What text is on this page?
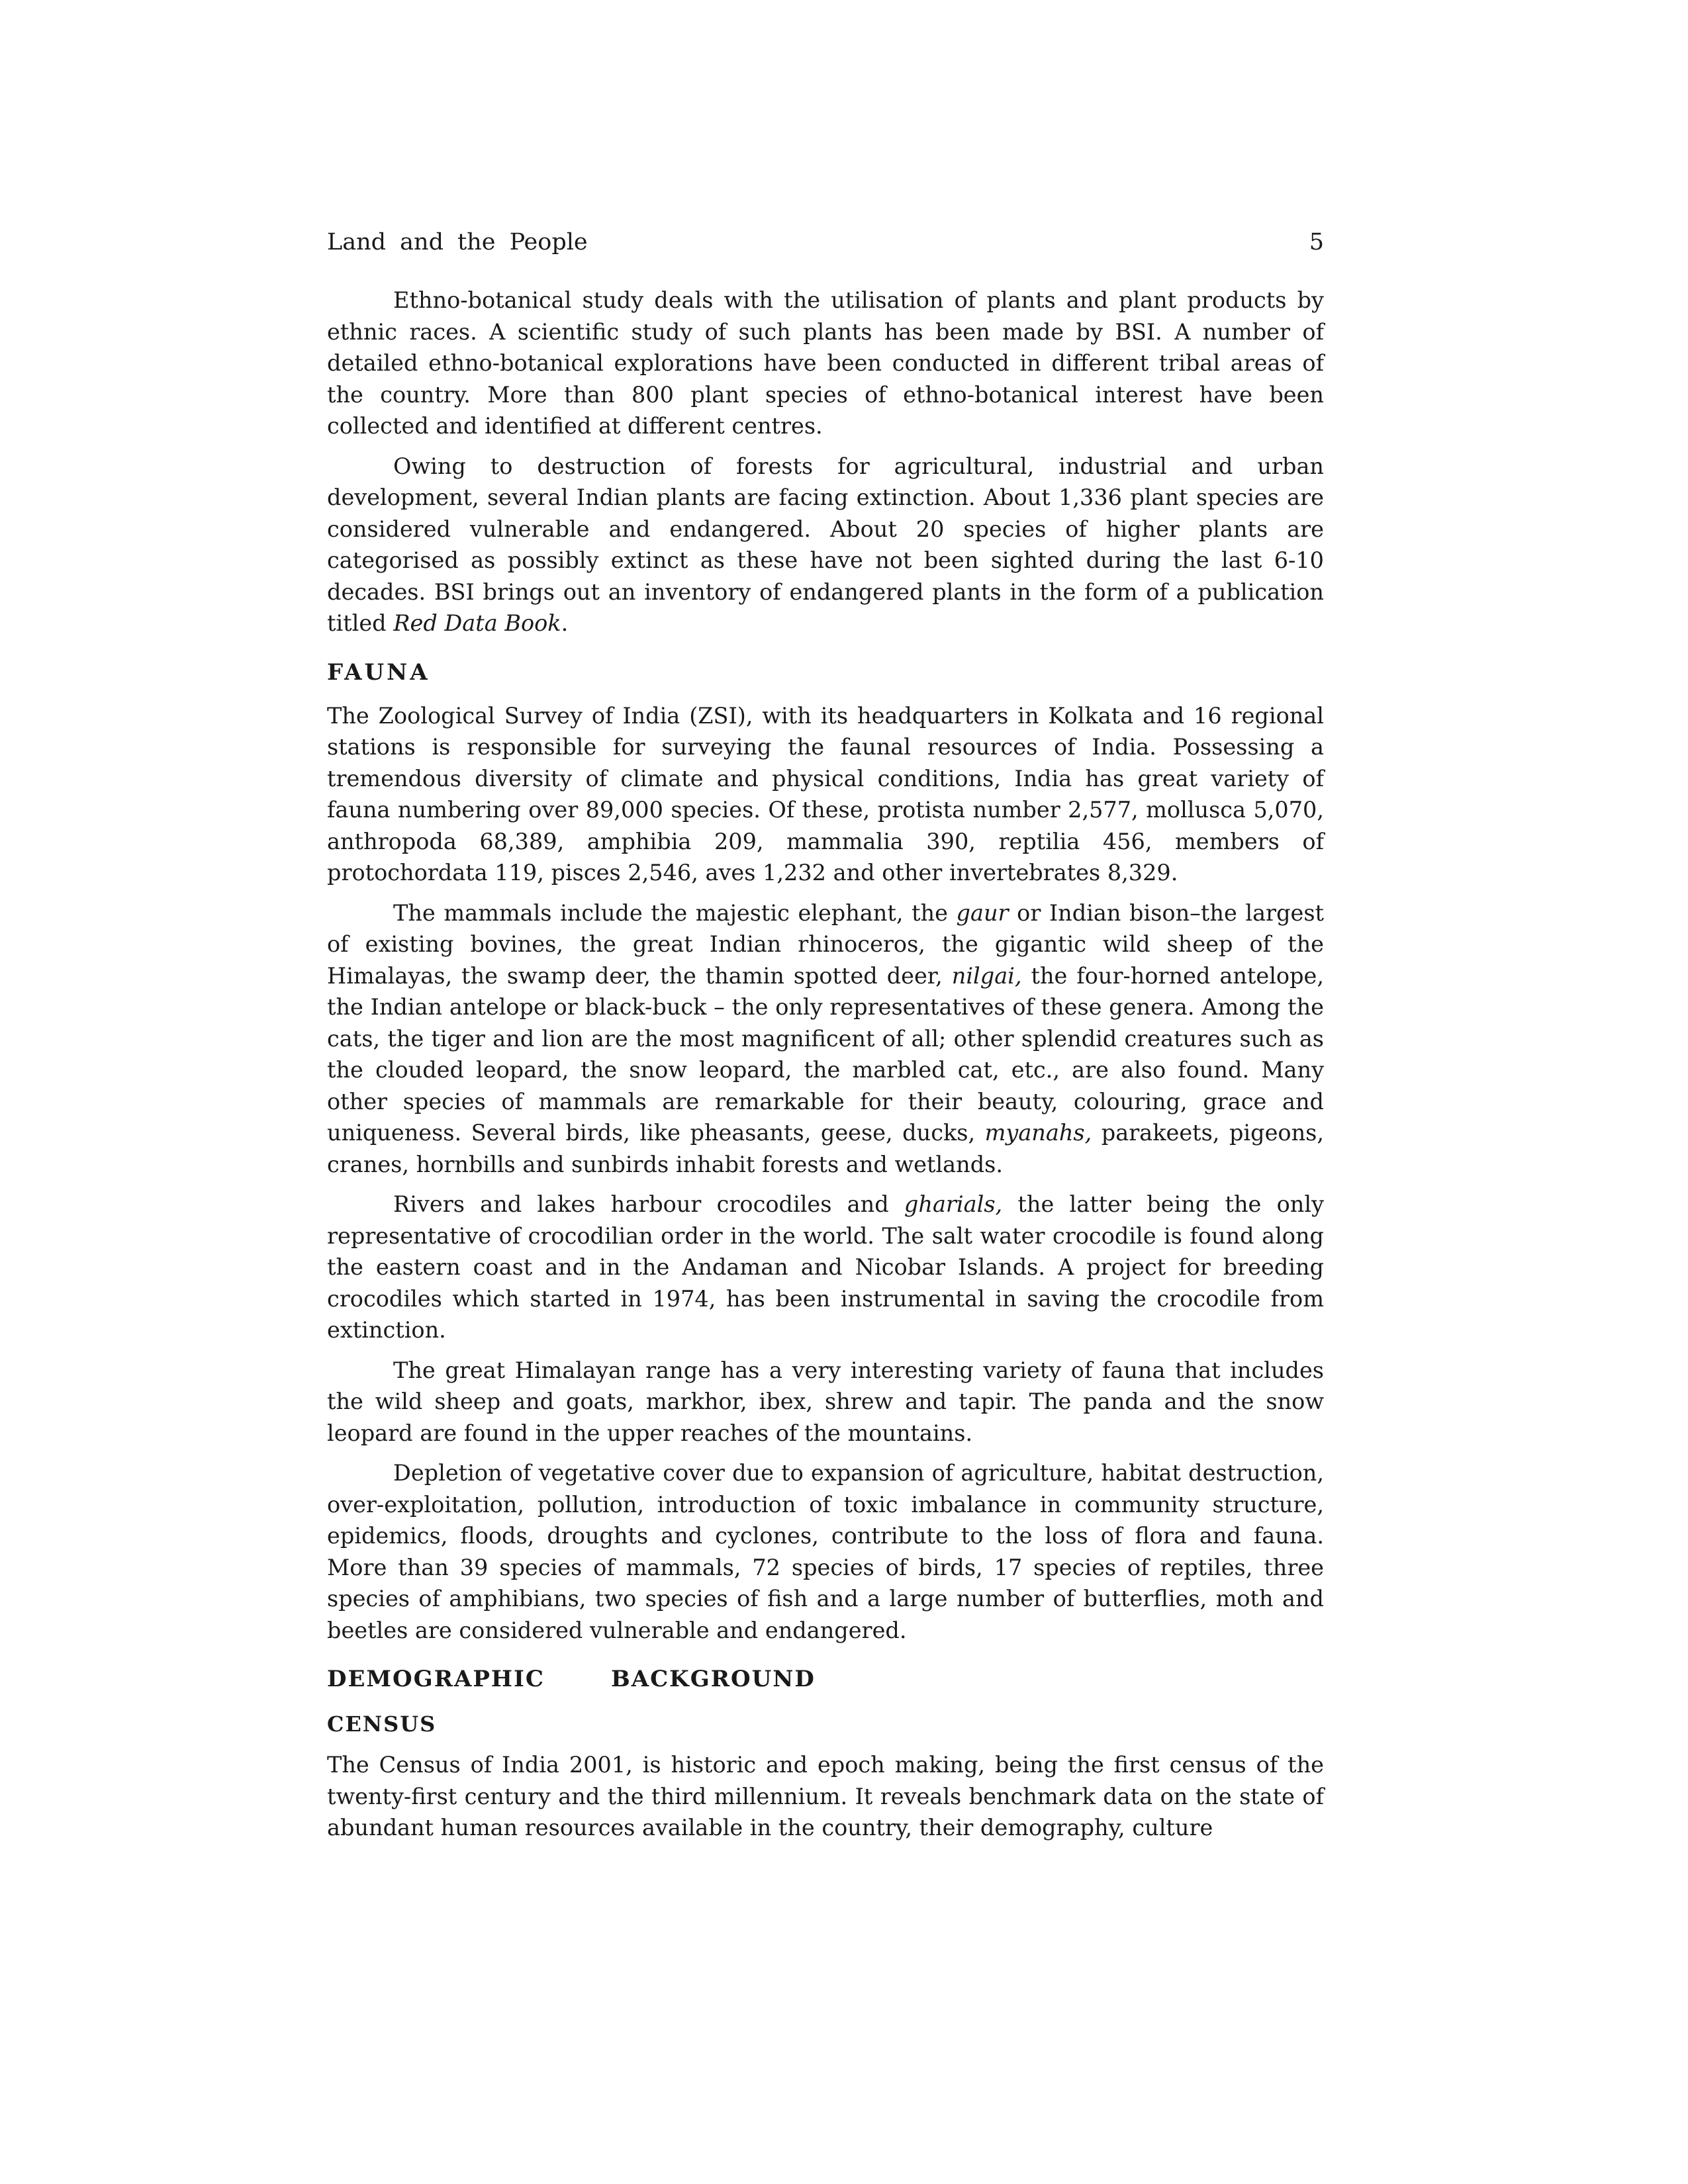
Land and the People	5

Ethno-botanical study deals with the utilisation of plants and plant products by ethnic races. A scientific study of such plants has been made by BSI. A number of detailed ethno-botanical explorations have been conducted in different tribal areas of the country. More than 800 plant species of ethno-botanical interest have been collected and identified at different centres.

Owing to destruction of forests for agricultural, industrial and urban development, several Indian plants are facing extinction. About 1,336 plant species are considered vulnerable and endangered. About 20 species of higher plants are categorised as possibly extinct as these have not been sighted during the last 6-10 decades. BSI brings out an inventory of endangered plants in the form of a publication titled Red Data Book.

FAUNA

The Zoological Survey of India (ZSI), with its headquarters in Kolkata and 16 regional stations is responsible for surveying the faunal resources of India. Possessing a tremendous diversity of climate and physical conditions, India has great variety of fauna numbering over 89,000 species. Of these, protista number 2,577, mollusca 5,070, anthropoda 68,389, amphibia 209, mammalia 390, reptilia 456, members of protochordata 119, pisces 2,546, aves 1,232 and other invertebrates 8,329.

The mammals include the majestic elephant, the gaur or Indian bison–the largest of existing bovines, the great Indian rhinoceros, the gigantic wild sheep of the Himalayas, the swamp deer, the thamin spotted deer, nilgai, the four-horned antelope, the Indian antelope or black-buck – the only representatives of these genera. Among the cats, the tiger and lion are the most magnificent of all; other splendid creatures such as the clouded leopard, the snow leopard, the marbled cat, etc., are also found. Many other species of mammals are remarkable for their beauty, colouring, grace and uniqueness. Several birds, like pheasants, geese, ducks, myanahs, parakeets, pigeons, cranes, hornbills and sunbirds inhabit forests and wetlands.

Rivers and lakes harbour crocodiles and gharials, the latter being the only representative of crocodilian order in the world. The salt water crocodile is found along the eastern coast and in the Andaman and Nicobar Islands. A project for breeding crocodiles which started in 1974, has been instrumental in saving the crocodile from extinction.

The great Himalayan range has a very interesting variety of fauna that includes the wild sheep and goats, markhor, ibex, shrew and tapir. The panda and the snow leopard are found in the upper reaches of the mountains.

Depletion of vegetative cover due to expansion of agriculture, habitat destruction, over-exploitation, pollution, introduction of toxic imbalance in community structure, epidemics, floods, droughts and cyclones, contribute to the loss of flora and fauna. More than 39 species of mammals, 72 species of birds, 17 species of reptiles, three species of amphibians, two species of fish and a large number of butterflies, moth and beetles are considered vulnerable and endangered.

DEMOGRAPHIC	BACKGROUND
CENSUS

The Census of India 2001, is historic and epoch making, being the first census of the twenty-first century and the third millennium. It reveals benchmark data on the state of abundant human resources available in the country, their demography, culture
